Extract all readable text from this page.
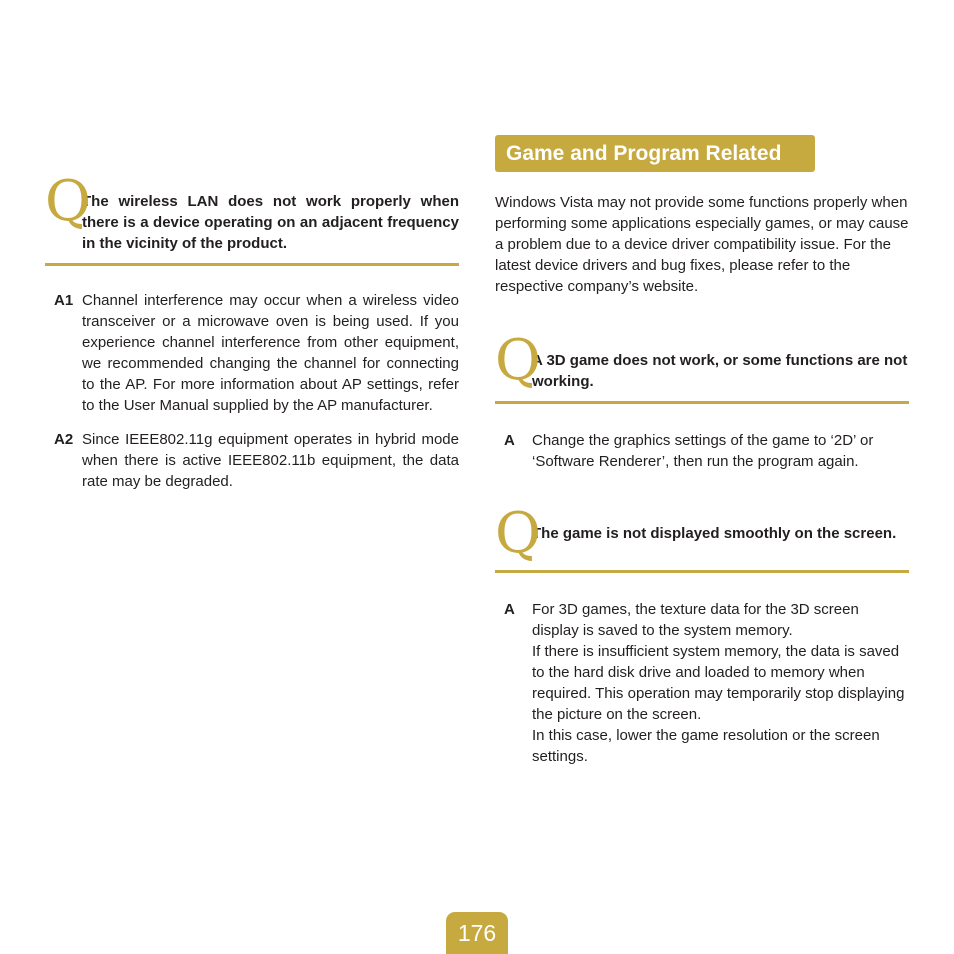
Q
The wireless LAN does not work properly when there is a device operating on an adjacent frequency in the vicinity of the product.
A1 Channel interference may occur when a wireless video transceiver or a microwave oven is being used. If you experience channel interference from other equipment, we recommended changing the channel for connecting to the AP. For more information about AP settings, refer to the User Manual supplied by the AP manufacturer.
A2 Since IEEE802.11g equipment operates in hybrid mode when there is active IEEE802.11b equipment, the data rate may be degraded.
Game and Program Related

Windows Vista may not provide some functions properly when performing some applications especially games, or may cause a problem due to a device driver compatibility issue. For the latest device drivers and bug fixes, please refer to the respective company’s website.

Q
A 3D game does not work, or some functions are not working.
A Change the graphics settings of the game to ‘2D’ or ‘Software Renderer’, then run the program again.
Q
The game is not displayed smoothly on the screen.
A For 3D games, the texture data for the 3D screen display is saved to the system memory.
If there is insufficient system memory, the data is saved to the hard disk drive and loaded to memory when required. This operation may temporarily stop displaying the picture on the screen.
In this case, lower the game resolution or the screen settings.
176
